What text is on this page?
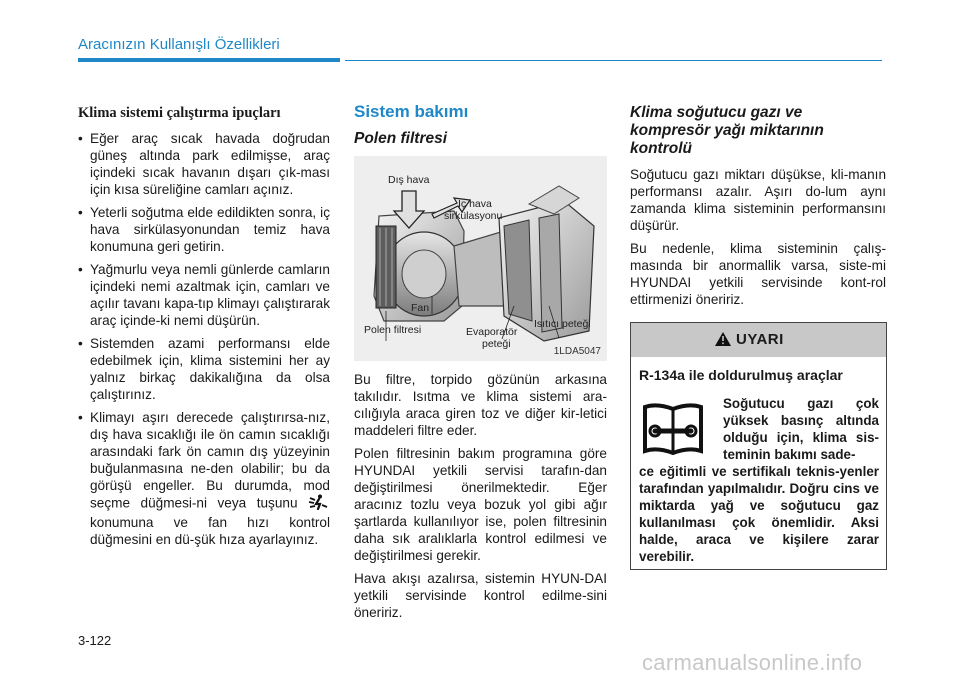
Aracınızın Kullanışlı Özellikleri
Klima sistemi çalıştırma ipuçları
• Eğer araç sıcak havada doğrudan güneş altında park edilmişse, araç içindeki sıcak havanın dışarı çık-ması için kısa süreliğine camları açınız.
• Yeterli soğutma elde edildikten sonra, iç hava sirkülasyonundan temiz hava konumuna geri getirin.
• Yağmurlu veya nemli günlerde camların içindeki nemi azaltmak için, camları ve açılır tavanı kapa-tıp klimayı çalıştırarak araç içinde-ki nemi düşürün.
• Sistemden azami performansı elde edebilmek için, klima sistemini her ay yalnız birkaç dakikalığına da olsa çalıştırınız.
• Klimayı aşırı derecede çalıştırırsa-nız, dış hava sıcaklığı ile ön camın sıcaklığı arasındaki fark ön camın dış yüzeyinin buğulanmasına ne-den olabilir; bu da görüşü engeller. Bu durumda, mod seçme düğmesi-ni veya tuşunu  konumuna ve fan hızı kontrol düğmesini en dü-şük hıza ayarlayınız.
Sistem bakımı
Polen filtresi
Dış hava
İç hava
sirkülasyonu
Fan
Polen filtresi	Evaporatör
peteği
Isıtıcı peteği
1LDA5047

Bu filtre, torpido gözünün arkasına takılıdır. Isıtma ve klima sistemi ara-cılığıyla araca giren toz ve diğer kir-letici maddeleri filtre eder.

Polen filtresinin bakım programına göre HYUNDAI yetkili servisi tarafın-dan değiştirilmesi önerilmektedir. Eğer aracınız tozlu veya bozuk yol gibi ağır şartlarda kullanılıyor ise, polen filtresinin daha sık aralıklarla kontrol edilmesi ve değiştirilmesi gerekir.

Hava akışı azalırsa, sistemin HYUN-DAI yetkili servisinde kontrol edilme-sini öneririz.

Klima soğutucu gazı ve kompresör yağı miktarının kontrolü

Soğutucu gazı miktarı düşükse, kli-manın performansı azalır. Aşırı do-lum aynı zamanda klima sisteminin performansını düşürür.

Bu nedenle, klima sisteminin çalış-masında bir anormallik varsa, siste-mi HYUNDAI yetkili servisinde kont-rol ettirmenizi öneririz.

UYARI
R-134a ile doldurulmuş araçlar
Soğutucu gazı çok yüksek basınç altında olduğu için, klima sis-teminin bakımı sade-
ce eğitimli ve sertifikalı teknis-yenler tarafından yapılmalıdır. Doğru cins ve miktarda yağ ve soğutucu gaz kullanılması çok önemlidir. Aksi halde, araca ve kişilere zarar verebilir.
3-122
carmanualsonline.info
